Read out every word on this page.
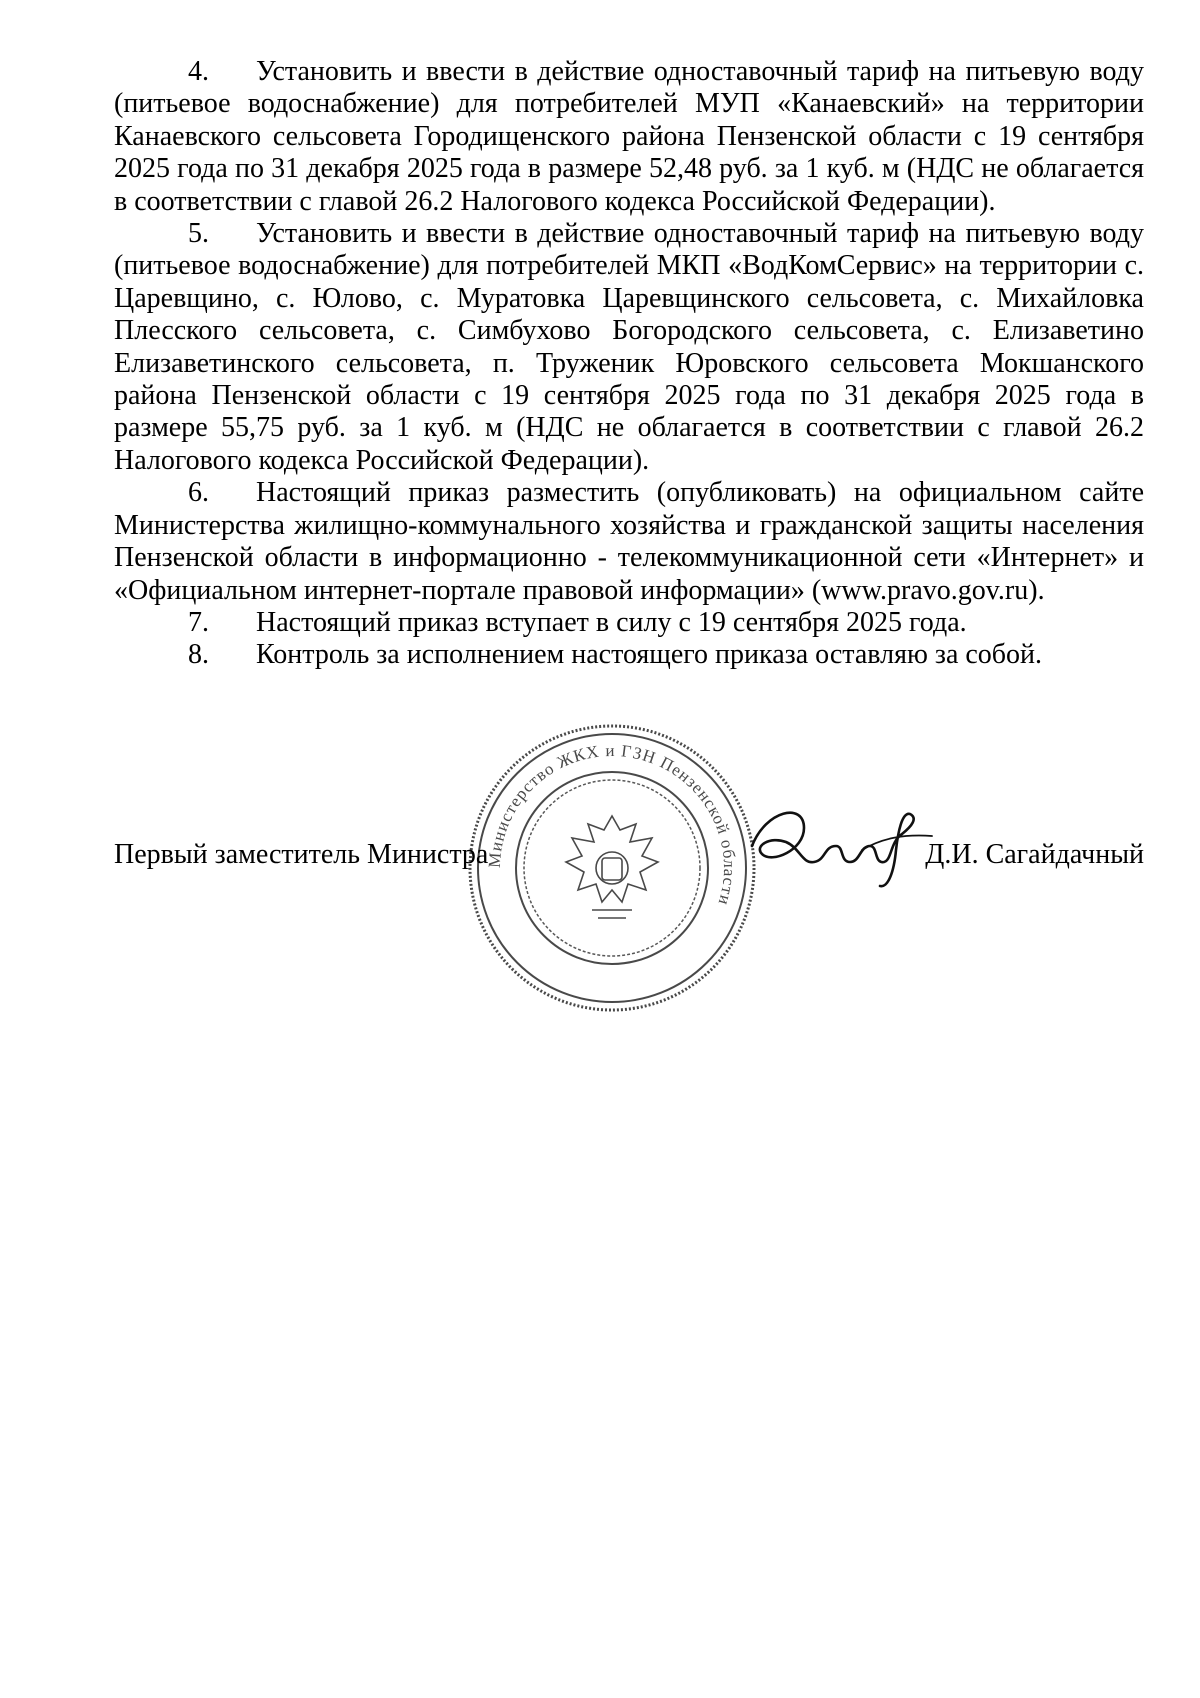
4. Установить и ввести в действие одноставочный тариф на питьевую воду (питьевое водоснабжение) для потребителей МУП «Канаевский» на территории Канаевского сельсовета Городищенского района Пензенской области с 19 сентября 2025 года по 31 декабря 2025 года в размере 52,48 руб. за 1 куб. м (НДС не облагается в соответствии с главой 26.2 Налогового кодекса Российской Федерации).

5. Установить и ввести в действие одноставочный тариф на питьевую воду (питьевое водоснабжение) для потребителей МКП «ВодКомСервис» на территории с. Царевщино, с. Юлово, с. Муратовка Царевщинского сельсовета, с. Михайловка Плесского сельсовета, с. Симбухово Богородского сельсовета, с. Елизаветино Елизаветинского сельсовета, п. Труженик Юровского сельсовета Мокшанского района Пензенской области с 19 сентября 2025 года по 31 декабря 2025 года в размере 55,75 руб. за 1 куб. м (НДС не облагается в соответствии с главой 26.2 Налогового кодекса Российской Федерации).

6. Настоящий приказ разместить (опубликовать) на официальном сайте Министерства жилищно-коммунального хозяйства и гражданской защиты населения Пензенской области в информационно - телекоммуникационной сети «Интернет» и «Официальном интернет-портале правовой информации» (www.pravo.gov.ru).

7. Настоящий приказ вступает в силу с 19 сентября 2025 года.

8. Контроль за исполнением настоящего приказа оставляю за собой.

Министерство ЖКХ и ГЗН Пензенской области
Первый заместитель Министра	Д.И. Сагайдачный
